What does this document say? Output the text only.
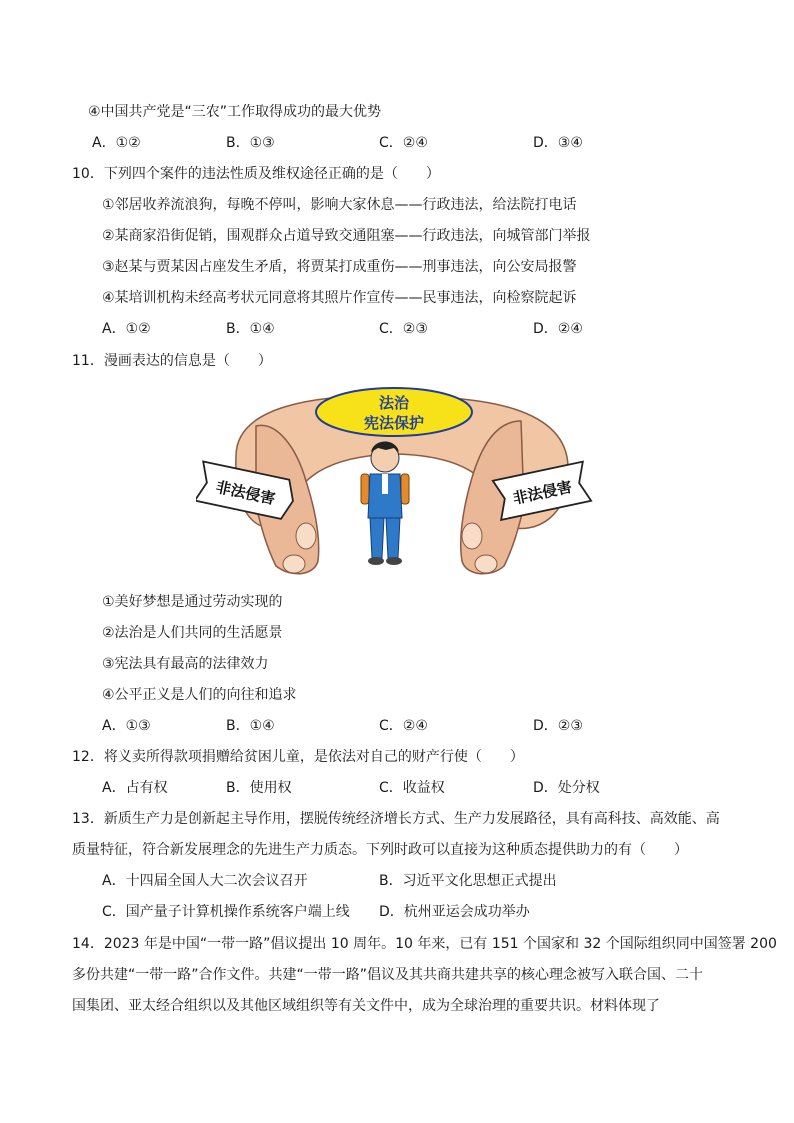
④中国共产党是“三农”工作取得成功的最大优势
A．①②	B．①③	C．②④	D．③④
10．下列四个案件的违法性质及维权途径正确的是（　　）
①邻居收养流浪狗，每晚不停叫，影响大家休息——行政违法，给法院打电话
②某商家沿街促销，围观群众占道导致交通阻塞——行政违法，向城管部门举报
③赵某与贾某因占座发生矛盾，将贾某打成重伤——刑事违法，向公安局报警
④某培训机构未经高考状元同意将其照片作宣传——民事违法，向检察院起诉
A．①②	B．①④	C．②③	D．②④
11．漫画表达的信息是（　　）
法治
宪法保护
非法侵害	非法侵害
①美好梦想是通过劳动实现的
②法治是人们共同的生活愿景
③宪法具有最高的法律效力
④公平正义是人们的向往和追求
A．①③	B．①④	C．②④	D．②③
12．将义卖所得款项捐赠给贫困儿童，是依法对自己的财产行使（　　）
A．占有权	B．使用权	C．收益权	D．处分权
13．新质生产力是创新起主导作用，摆脱传统经济增长方式、生产力发展路径，具有高科技、高效能、高
质量特征，符合新发展理念的先进生产力质态。下列时政可以直接为这种质态提供助力的有（　　）
A．十四届全国人大二次会议召开	B．习近平文化思想正式提出
C．国产量子计算机操作系统客户端上线 D．杭州亚运会成功举办
14．2023 年是中国“一带一路”倡议提出 10 周年。10 年来，已有 151 个国家和 32 个国际组织同中国签署 200
多份共建“一带一路”合作文件。共建“一带一路”倡议及其共商共建共享的核心理念被写入联合国、二十
国集团、亚太经合组织以及其他区域组织等有关文件中，成为全球治理的重要共识。材料体现了
